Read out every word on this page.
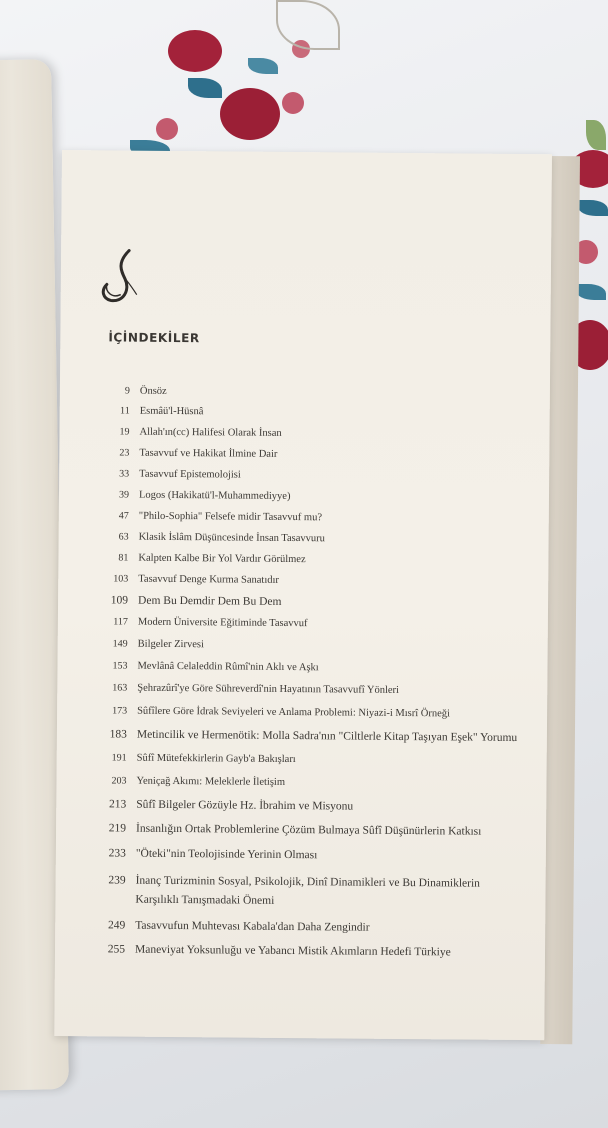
İÇİNDEKİLER
9 Önsöz
11 Esmâü'l-Hüsnâ
19 Allah'ın(cc) Halifesi Olarak İnsan
23 Tasavvuf ve Hakikat İlmine Dair
33 Tasavvuf Epistemolojisi
39 Logos (Hakikatü'l-Muhammediyye)
47 "Philo-Sophia" Felsefe midir Tasavvuf mu?
63 Klasik İslâm Düşüncesinde İnsan Tasavvuru
81 Kalpten Kalbe Bir Yol Vardır Görülmez
103 Tasavvuf Denge Kurma Sanatıdır
109 Dem Bu Demdir Dem Bu Dem
117 Modern Üniversite Eğitiminde Tasavvuf
149 Bilgeler Zirvesi
153 Mevlânâ Celaleddin Rûmî'nin Aklı ve Aşkı
163 Şehrazûrî'ye Göre Sühreverdî'nin Hayatının Tasavvufî Yönleri
173 Sûfîlere Göre İdrak Seviyeleri ve Anlama Problemi: Niyazi-i Mısrî Örneği
183 Metincilik ve Hermenötik: Molla Sadra'nın "Ciltlerle Kitap Taşıyan Eşek" Yorumu
191 Sûfî Mütefekkirlerin Gayb'a Bakışları
203 Yeniçağ Akımı: Meleklerle İletişim
213 Sûfî Bilgeler Gözüyle Hz. İbrahim ve Misyonu
219 İnsanlığın Ortak Problemlerine Çözüm Bulmaya Sûfî Düşünürlerin Katkısı
233 "Öteki"nin Teolojisinde Yerinin Olması
239 İnanç Turizminin Sosyal, Psikolojik, Dinî Dinamikleri ve Bu Dinamiklerin Karşılıklı Tanışmadaki Önemi
249 Tasavvufun Muhtevası Kabala'dan Daha Zengindir
255 Maneviyat Yoksunluğu ve Yabancı Mistik Akımların Hedefi Türkiye
